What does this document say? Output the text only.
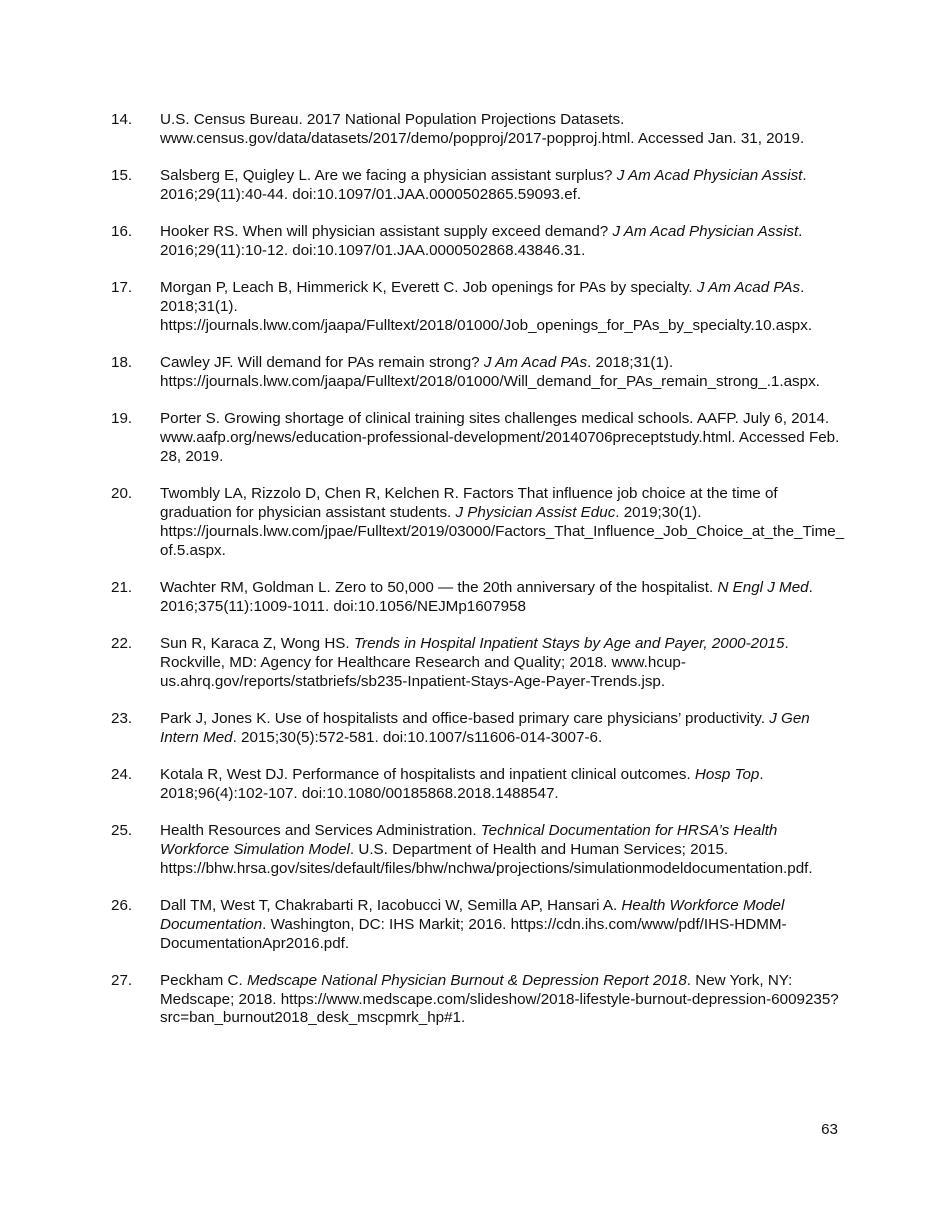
14.	U.S. Census Bureau. 2017 National Population Projections Datasets. www.census.gov/data/datasets/2017/demo/popproj/2017-popproj.html. Accessed Jan. 31, 2019.
15.	Salsberg E, Quigley L. Are we facing a physician assistant surplus? J Am Acad Physician Assist. 2016;29(11):40-44. doi:10.1097/01.JAA.0000502865.59093.ef.
16.	Hooker RS. When will physician assistant supply exceed demand? J Am Acad Physician Assist. 2016;29(11):10-12. doi:10.1097/01.JAA.0000502868.43846.31.
17.	Morgan P, Leach B, Himmerick K, Everett C. Job openings for PAs by specialty. J Am Acad PAs. 2018;31(1). https://journals.lww.com/jaapa/Fulltext/2018/01000/Job_openings_for_PAs_by_specialty.10.aspx.
18.	Cawley JF. Will demand for PAs remain strong? J Am Acad PAs. 2018;31(1). https://journals.lww.com/jaapa/Fulltext/2018/01000/Will_demand_for_PAs_remain_strong_.1.aspx.
19.	Porter S. Growing shortage of clinical training sites challenges medical schools. AAFP. July 6, 2014. www.aafp.org/news/education-professional-development/20140706preceptstudy.html. Accessed Feb. 28, 2019.
20.	Twombly LA, Rizzolo D, Chen R, Kelchen R. Factors That influence job choice at the time of graduation for physician assistant students. J Physician Assist Educ. 2019;30(1). https://journals.lww.com/jpae/Fulltext/2019/03000/Factors_That_Influence_Job_Choice_at_the_Time_of.5.aspx.
21.	Wachter RM, Goldman L. Zero to 50,000 — the 20th anniversary of the hospitalist. N Engl J Med. 2016;375(11):1009-1011. doi:10.1056/NEJMp1607958
22.	Sun R, Karaca Z, Wong HS. Trends in Hospital Inpatient Stays by Age and Payer, 2000-2015. Rockville, MD: Agency for Healthcare Research and Quality; 2018. www.hcup-us.ahrq.gov/reports/statbriefs/sb235-Inpatient-Stays-Age-Payer-Trends.jsp.
23.	Park J, Jones K. Use of hospitalists and office-based primary care physicians’ productivity. J Gen Intern Med. 2015;30(5):572-581. doi:10.1007/s11606-014-3007-6.
24.	Kotala R, West DJ. Performance of hospitalists and inpatient clinical outcomes. Hosp Top. 2018;96(4):102-107. doi:10.1080/00185868.2018.1488547.
25.	Health Resources and Services Administration. Technical Documentation for HRSA’s Health Workforce Simulation Model. U.S. Department of Health and Human Services; 2015. https://bhw.hrsa.gov/sites/default/files/bhw/nchwa/projections/simulationmodeldocumentation.pdf.
26.	Dall TM, West T, Chakrabarti R, Iacobucci W, Semilla AP, Hansari A. Health Workforce Model Documentation. Washington, DC: IHS Markit; 2016. https://cdn.ihs.com/www/pdf/IHS-HDMM-DocumentationApr2016.pdf.
27.	Peckham C. Medscape National Physician Burnout & Depression Report 2018. New York, NY: Medscape; 2018. https://www.medscape.com/slideshow/2018-lifestyle-burnout-depression-6009235?src=ban_burnout2018_desk_mscpmrk_hp#1.
63
